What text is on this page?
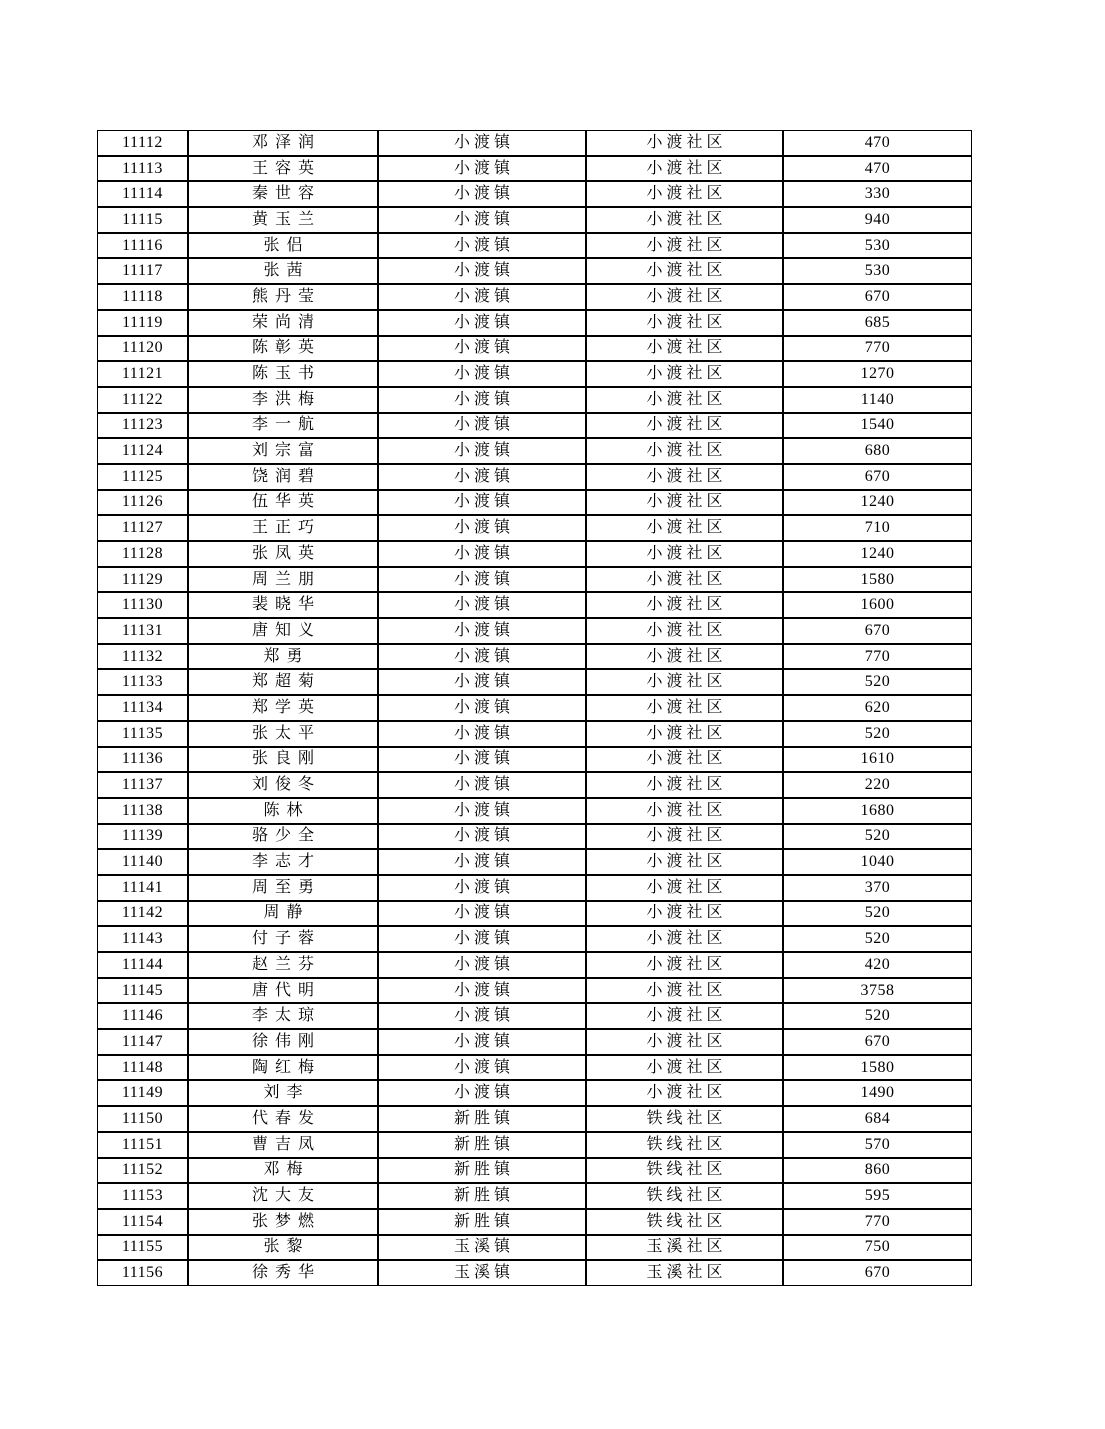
11112	邓泽润	小渡镇	小渡社区	470
11113	王容英	小渡镇	小渡社区	470
11114	秦世容	小渡镇	小渡社区	330
11115	黄玉兰	小渡镇	小渡社区	940
11116	张侣	小渡镇	小渡社区	530
11117	张茜	小渡镇	小渡社区	530
11118	熊丹莹	小渡镇	小渡社区	670
11119	荣尚清	小渡镇	小渡社区	685
11120	陈彰英	小渡镇	小渡社区	770
11121	陈玉书	小渡镇	小渡社区	1270
11122	李洪梅	小渡镇	小渡社区	1140
11123	李一航	小渡镇	小渡社区	1540
11124	刘宗富	小渡镇	小渡社区	680
11125	饶润碧	小渡镇	小渡社区	670
11126	伍华英	小渡镇	小渡社区	1240
11127	王正巧	小渡镇	小渡社区	710
11128	张凤英	小渡镇	小渡社区	1240
11129	周兰朋	小渡镇	小渡社区	1580
11130	裴晓华	小渡镇	小渡社区	1600
11131	唐知义	小渡镇	小渡社区	670
11132	郑勇	小渡镇	小渡社区	770
11133	郑超菊	小渡镇	小渡社区	520
11134	郑学英	小渡镇	小渡社区	620
11135	张太平	小渡镇	小渡社区	520
11136	张良刚	小渡镇	小渡社区	1610
11137	刘俊冬	小渡镇	小渡社区	220
11138	陈林	小渡镇	小渡社区	1680
11139	骆少全	小渡镇	小渡社区	520
11140	李志才	小渡镇	小渡社区	1040
11141	周至勇	小渡镇	小渡社区	370
11142	周静	小渡镇	小渡社区	520
11143	付子蓉	小渡镇	小渡社区	520
11144	赵兰芬	小渡镇	小渡社区	420
11145	唐代明	小渡镇	小渡社区	3758
11146	李太琼	小渡镇	小渡社区	520
11147	徐伟刚	小渡镇	小渡社区	670
11148	陶红梅	小渡镇	小渡社区	1580
11149	刘李	小渡镇	小渡社区	1490
11150	代春发	新胜镇	铁线社区	684
11151	曹吉凤	新胜镇	铁线社区	570
11152	邓梅	新胜镇	铁线社区	860
11153	沈大友	新胜镇	铁线社区	595
11154	张梦燃	新胜镇	铁线社区	770
11155	张黎	玉溪镇	玉溪社区	750
11156	徐秀华	玉溪镇	玉溪社区	670
